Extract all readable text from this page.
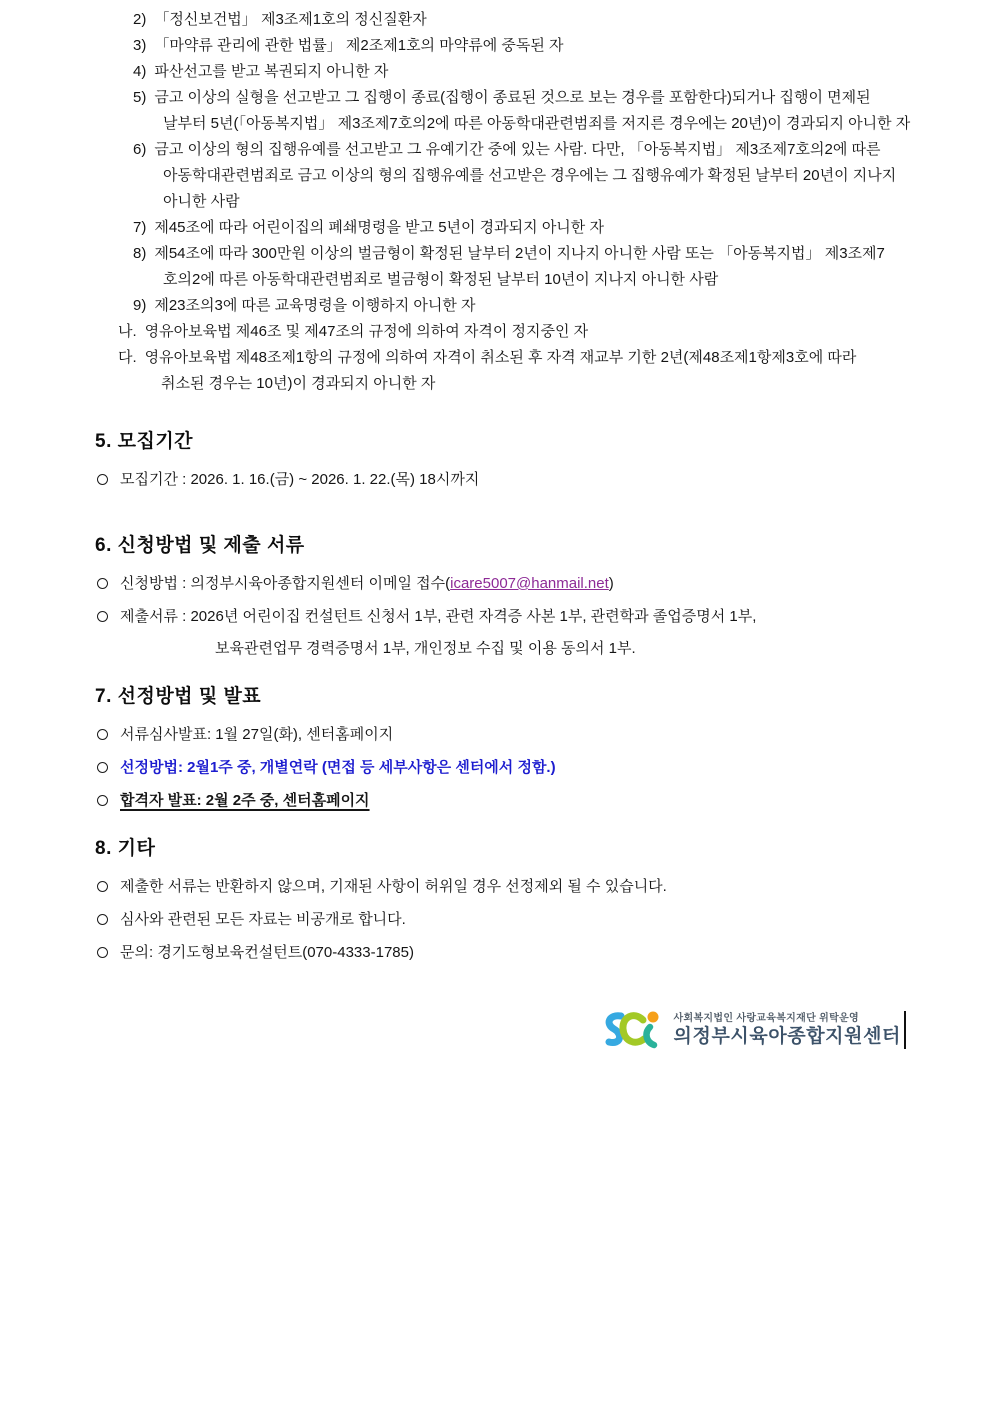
2) 「정신보건법」 제3조제1호의 정신질환자
3) 「마약류 관리에 관한 법률」 제2조제1호의 마약류에 중독된 자
4) 파산선고를 받고 복권되지 아니한 자
5) 금고 이상의 실형을 선고받고 그 집행이 종료(집행이 종료된 것으로 보는 경우를 포함한다)되거나 집행이 면제된
날부터 5년(「아동복지법」 제3조제7호의2에 따른 아동학대관련범죄를 저지른 경우에는 20년)이 경과되지 아니한 자
6) 금고 이상의 형의 집행유예를 선고받고 그 유예기간 중에 있는 사람. 다만, 「아동복지법」 제3조제7호의2에 따른
아동학대관련범죄로 금고 이상의 형의 집행유예를 선고받은 경우에는 그 집행유예가 확정된 날부터 20년이 지나지
아니한 사람
7) 제45조에 따라 어린이집의 폐쇄명령을 받고 5년이 경과되지 아니한 자
8) 제54조에 따라 300만원 이상의 벌금형이 확정된 날부터 2년이 지나지 아니한 사람 또는 「아동복지법」 제3조제7
호의2에 따른 아동학대관련범죄로 벌금형이 확정된 날부터 10년이 지나지 아니한 사람
9) 제23조의3에 따른 교육명령을 이행하지 아니한 자
나. 영유아보육법 제46조 및 제47조의 규정에 의하여 자격이 정지중인 자
다. 영유아보육법 제48조제1항의 규정에 의하여 자격이 취소된 후 자격 재교부 기한 2년(제48조제1항제3호에 따라
취소된 경우는 10년)이 경과되지 아니한 자
5. 모집기간
모집기간 : 2026. 1. 16.(금) ~ 2026. 1. 22.(목) 18시까지
6. 신청방법 및 제출 서류
신청방법 : 의정부시육아종합지원센터 이메일 접수(icare5007@hanmail.net)
제출서류 : 2026년 어린이집 컨설턴트 신청서 1부, 관련 자격증 사본 1부, 관련학과 졸업증명서 1부,
보육관련업무 경력증명서 1부, 개인정보 수집 및 이용 동의서 1부.
7. 선정방법 및 발표
서류심사발표: 1월 27일(화), 센터홈페이지
선정방법: 2월1주 중, 개별연락 (면접 등 세부사항은 센터에서 정함.)
합격자 발표: 2월 2주 중, 센터홈페이지
8. 기타
제출한 서류는 반환하지 않으며, 기재된 사항이 허위일 경우 선정제외 될 수 있습니다.
심사와 관련된 모든 자료는 비공개로 합니다.
문의: 경기도형보육컨설턴트(070-4333-1785)
사회복지법인 사랑교육복지재단 위탁운영
의정부시육아종합지원센터
